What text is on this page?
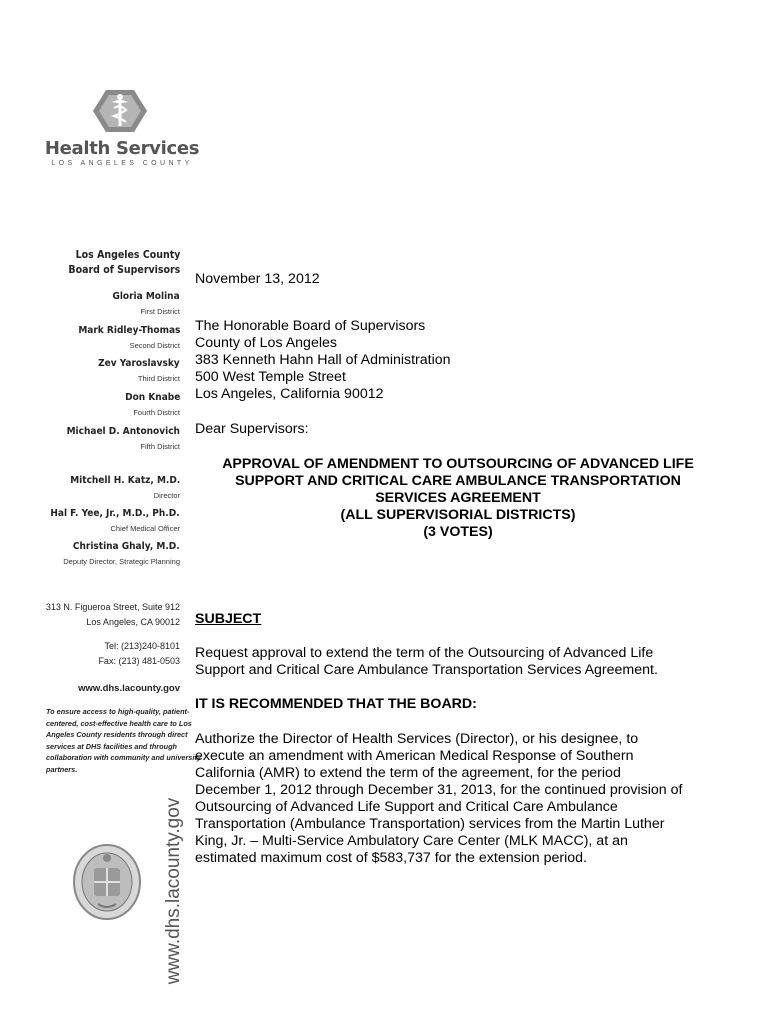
Health Services
LOS ANGELES COUNTY
Los Angeles County
Board of Supervisors
Gloria Molina
First District
Mark Ridley-Thomas
Second District
Zev Yaroslavsky
Third District
Don Knabe
Fourth District
Michael D. Antonovich
Fifth District
Mitchell H. Katz, M.D.
Director
Hal F. Yee, Jr., M.D., Ph.D.
Chief Medical Officer
Christina Ghaly, M.D.
Deputy Director, Strategic Planning
313 N. Figueroa Street, Suite 912
Los Angeles, CA 90012
Tel: (213)240-8101
Fax: (213) 481-0503
www.dhs.lacounty.gov
To ensure access to high-quality, patient-centered, cost-effective health care to Los Angeles County residents through direct services at DHS facilities and through collaboration with community and university partners.
www.dhs.lacounty.gov
November 13, 2012
The Honorable Board of Supervisors
County of Los Angeles
383 Kenneth Hahn Hall of Administration
500 West Temple Street
Los Angeles, California 90012
Dear Supervisors:
APPROVAL OF AMENDMENT TO OUTSOURCING OF ADVANCED LIFE
SUPPORT AND CRITICAL CARE AMBULANCE TRANSPORTATION
SERVICES AGREEMENT
(ALL SUPERVISORIAL DISTRICTS)
(3 VOTES)
SUBJECT
Request approval to extend the term of the Outsourcing of Advanced Life
Support and Critical Care Ambulance Transportation Services Agreement.
IT IS RECOMMENDED THAT THE BOARD:
Authorize the Director of Health Services (Director), or his designee, to
execute an amendment with American Medical Response of Southern
California (AMR) to extend the term of the agreement, for the period
December 1, 2012 through December 31, 2013, for the continued provision of
Outsourcing of Advanced Life Support and Critical Care Ambulance
Transportation (Ambulance Transportation) services from the Martin Luther
King, Jr. – Multi-Service Ambulatory Care Center (MLK MACC), at an
estimated maximum cost of $583,737 for the extension period.
